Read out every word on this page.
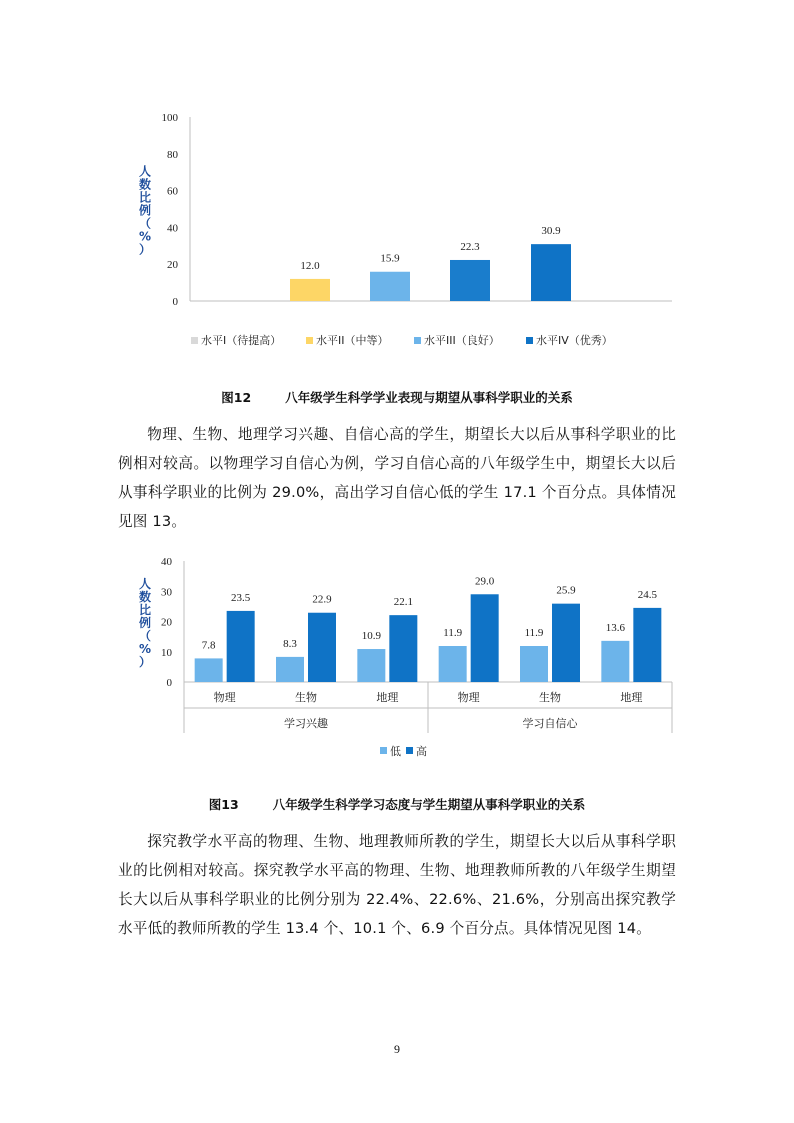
0
20
40
60
80
100
人
数
比
例
（
%
）
12.0
15.9
22.3
30.9
水平I（待提高）	水平II（中等）	水平III（良好）	水平IV（优秀）
图12	八年级学生科学学业表现与期望从事科学职业的关系

物理、生物、地理学习兴趣、自信心高的学生，期望长大以后从事科学职业的比例相对较高。以物理学习自信心为例，学习自信心高的八年级学生中，期望长大以后从事科学职业的比例为 29.0%，高出学习自信心低的学生 17.1 个百分点。具体情况见图 13。

0
10
20
30
40
人
数
比
例
（
%
）
物理
7.8
23.5
生物
8.3
22.9
地理
10.9
22.1
物理
11.9
29.0
生物
11.9
25.9
地理
13.6
24.5
学习兴趣	学习自信心
低 高
图13	八年级学生科学学习态度与学生期望从事科学职业的关系

探究教学水平高的物理、生物、地理教师所教的学生，期望长大以后从事科学职业的比例相对较高。探究教学水平高的物理、生物、地理教师所教的八年级学生期望长大以后从事科学职业的比例分别为 22.4%、22.6%、21.6%，分别高出探究教学水平低的教师所教的学生 13.4 个、10.1 个、6.9 个百分点。具体情况见图 14。

9
